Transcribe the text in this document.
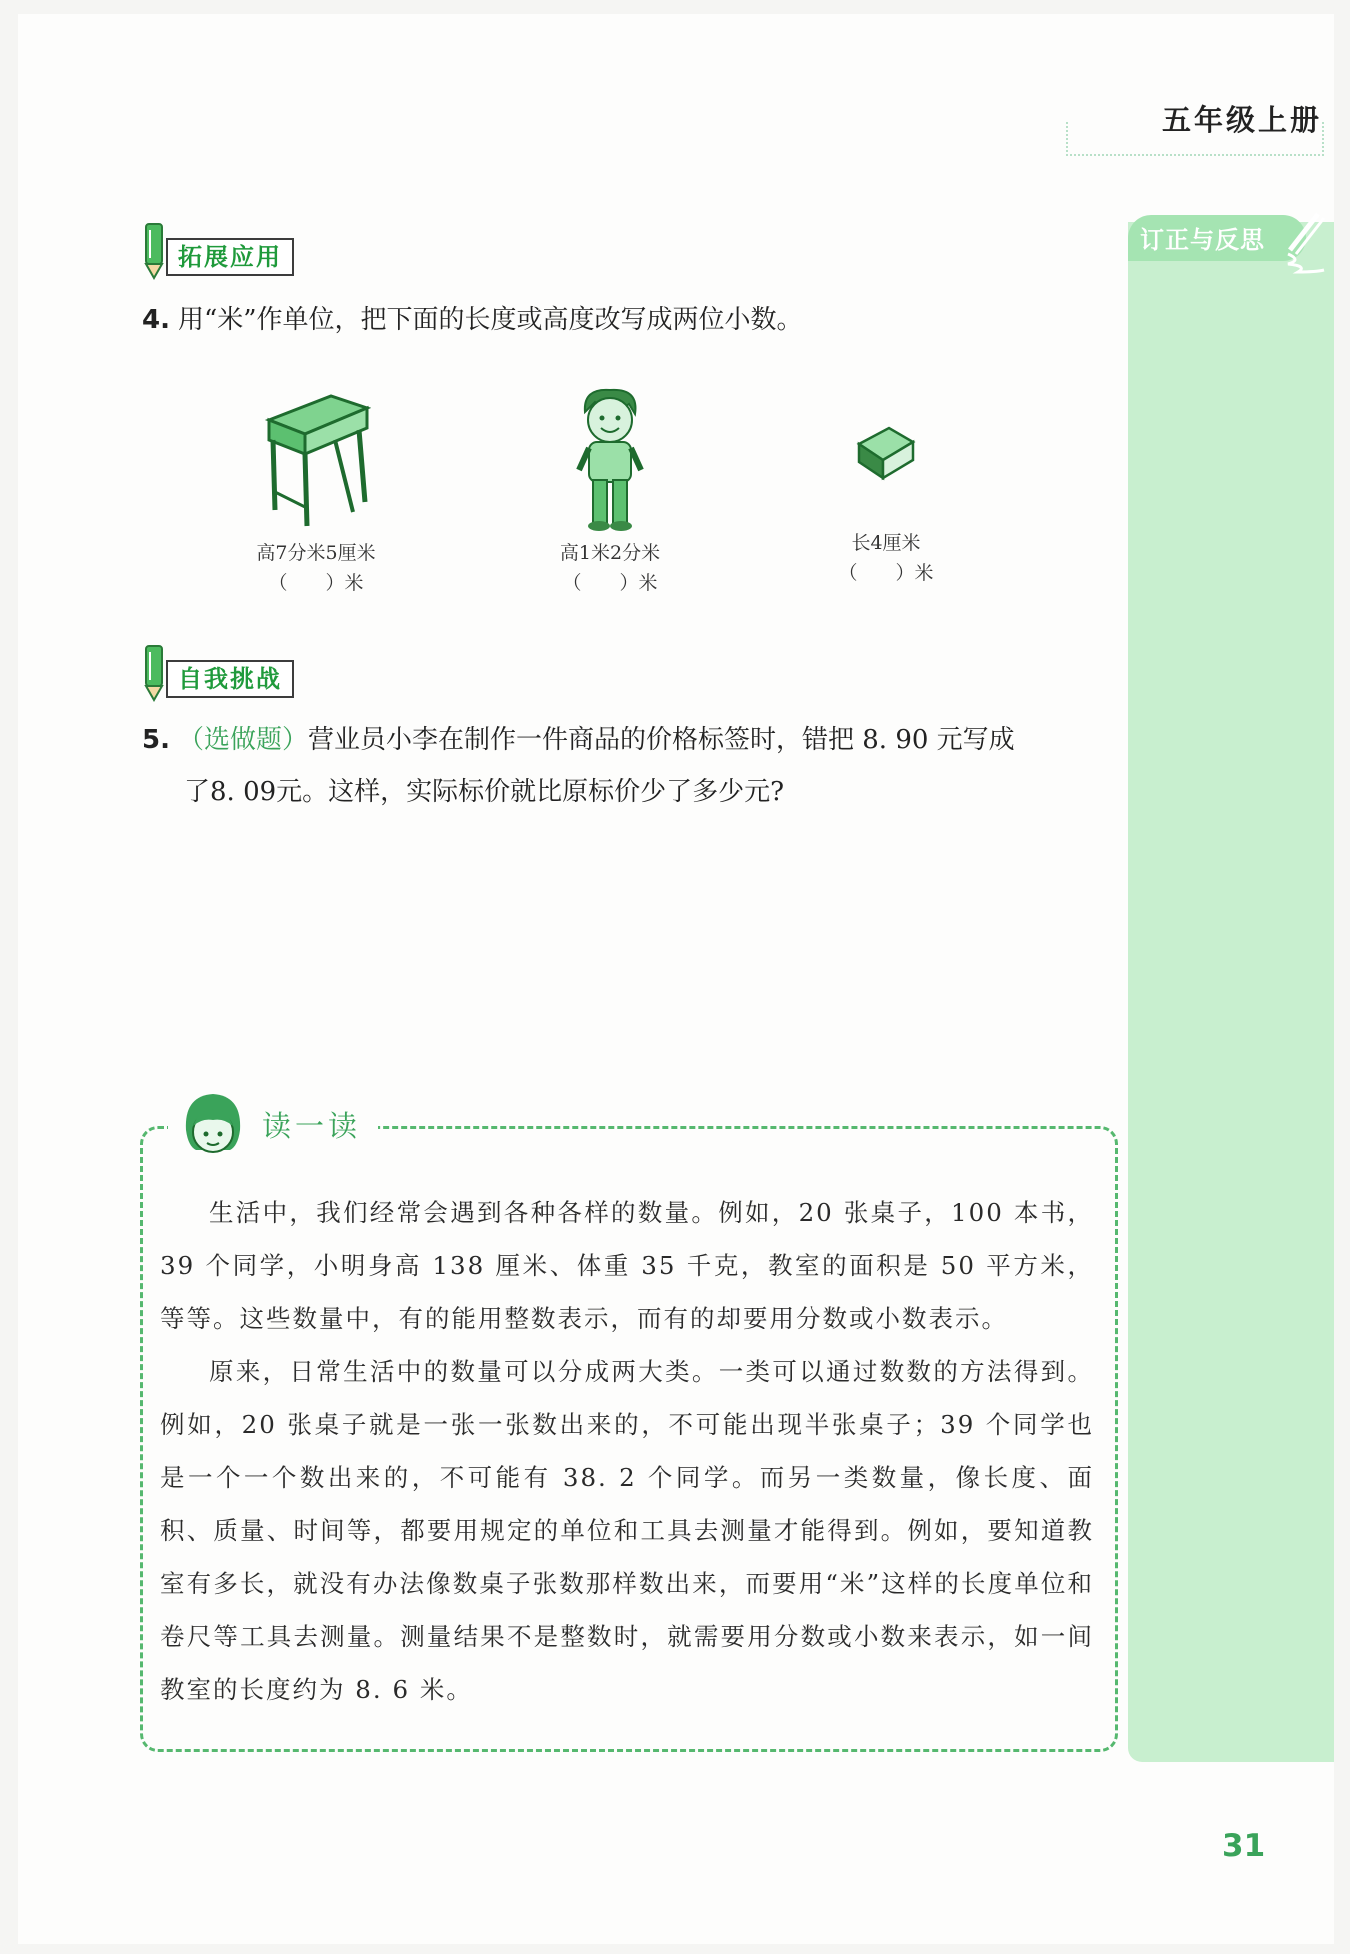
五年级上册
订正与反思
拓展应用
4. 用“米”作单位，把下面的长度或高度改写成两位小数。
高7分米5厘米
（　　）米
高1米2分米
（　　）米
长4厘米
（　　）米
自我挑战
5. （选做题）营业员小李在制作一件商品的价格标签时，错把 8. 90 元写成
了8. 09元。这样，实际标价就比原标价少了多少元?
读一读

生活中，我们经常会遇到各种各样的数量。例如，20 张桌子，100 本书，39 个同学，小明身高 138 厘米、体重 35 千克，教室的面积是 50 平方米，等等。这些数量中，有的能用整数表示，而有的却要用分数或小数表示。

原来，日常生活中的数量可以分成两大类。一类可以通过数数的方法得到。例如，20 张桌子就是一张一张数出来的，不可能出现半张桌子；39 个同学也是一个一个数出来的，不可能有 38. 2 个同学。而另一类数量，像长度、面积、质量、时间等，都要用规定的单位和工具去测量才能得到。例如，要知道教室有多长，就没有办法像数桌子张数那样数出来，而要用“米”这样的长度单位和卷尺等工具去测量。测量结果不是整数时，就需要用分数或小数来表示，如一间教室的长度约为 8. 6 米。

31
